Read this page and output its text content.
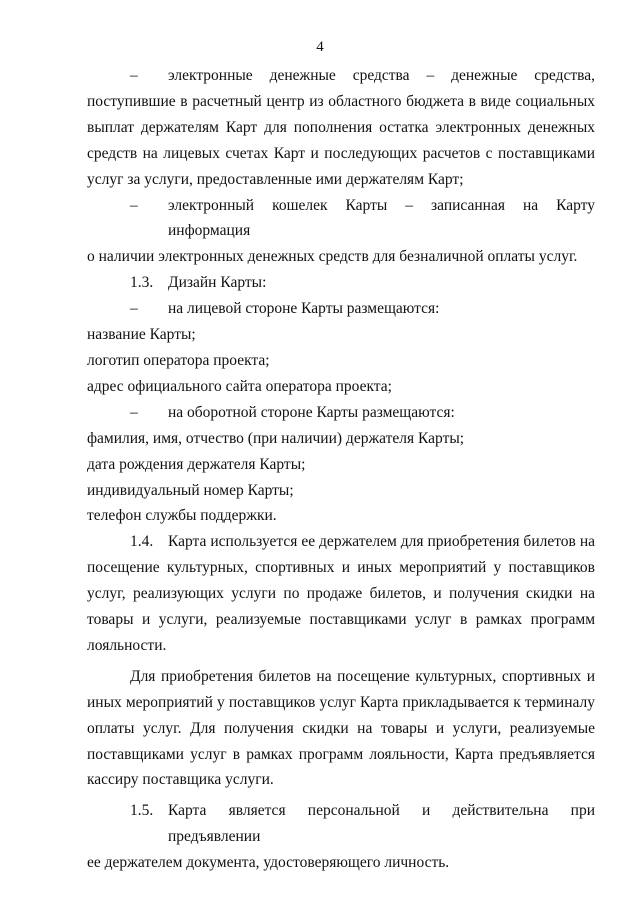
4
–	электронные денежные средства – денежные средства,

поступившие в расчетный центр из областного бюджета в виде социальных выплат держателям Карт для пополнения остатка электронных денежных средств на лицевых счетах Карт и последующих расчетов с поставщиками услуг за услуги, предоставленные ими держателям Карт;

–	электронный кошелек Карты – записанная на Карту информация

о наличии электронных денежных средств для безналичной оплаты услуг.

1.3. Дизайн Карты:
–	на лицевой стороне Карты размещаются:

название Карты;

логотип оператора проекта;

адрес официального сайта оператора проекта;

–	на оборотной стороне Карты размещаются:

фамилия, имя, отчество (при наличии) держателя Карты;

дата рождения держателя Карты;

индивидуальный номер Карты;

телефон службы поддержки.

1.4. Карта используется ее держателем для приобретения билетов на

посещение культурных, спортивных и иных мероприятий у поставщиков услуг, реализующих услуги по продаже билетов, и получения скидки на товары и услуги, реализуемые поставщиками услуг в рамках программ лояльности.

Для приобретения билетов на посещение культурных, спортивных и иных мероприятий у поставщиков услуг Карта прикладывается к терминалу оплаты услуг. Для получения скидки на товары и услуги, реализуемые поставщиками услуг в рамках программ лояльности, Карта предъявляется кассиру поставщика услуги.

1.5. Карта является персональной и действительна при предъявлении

ее держателем документа, удостоверяющего личность.
